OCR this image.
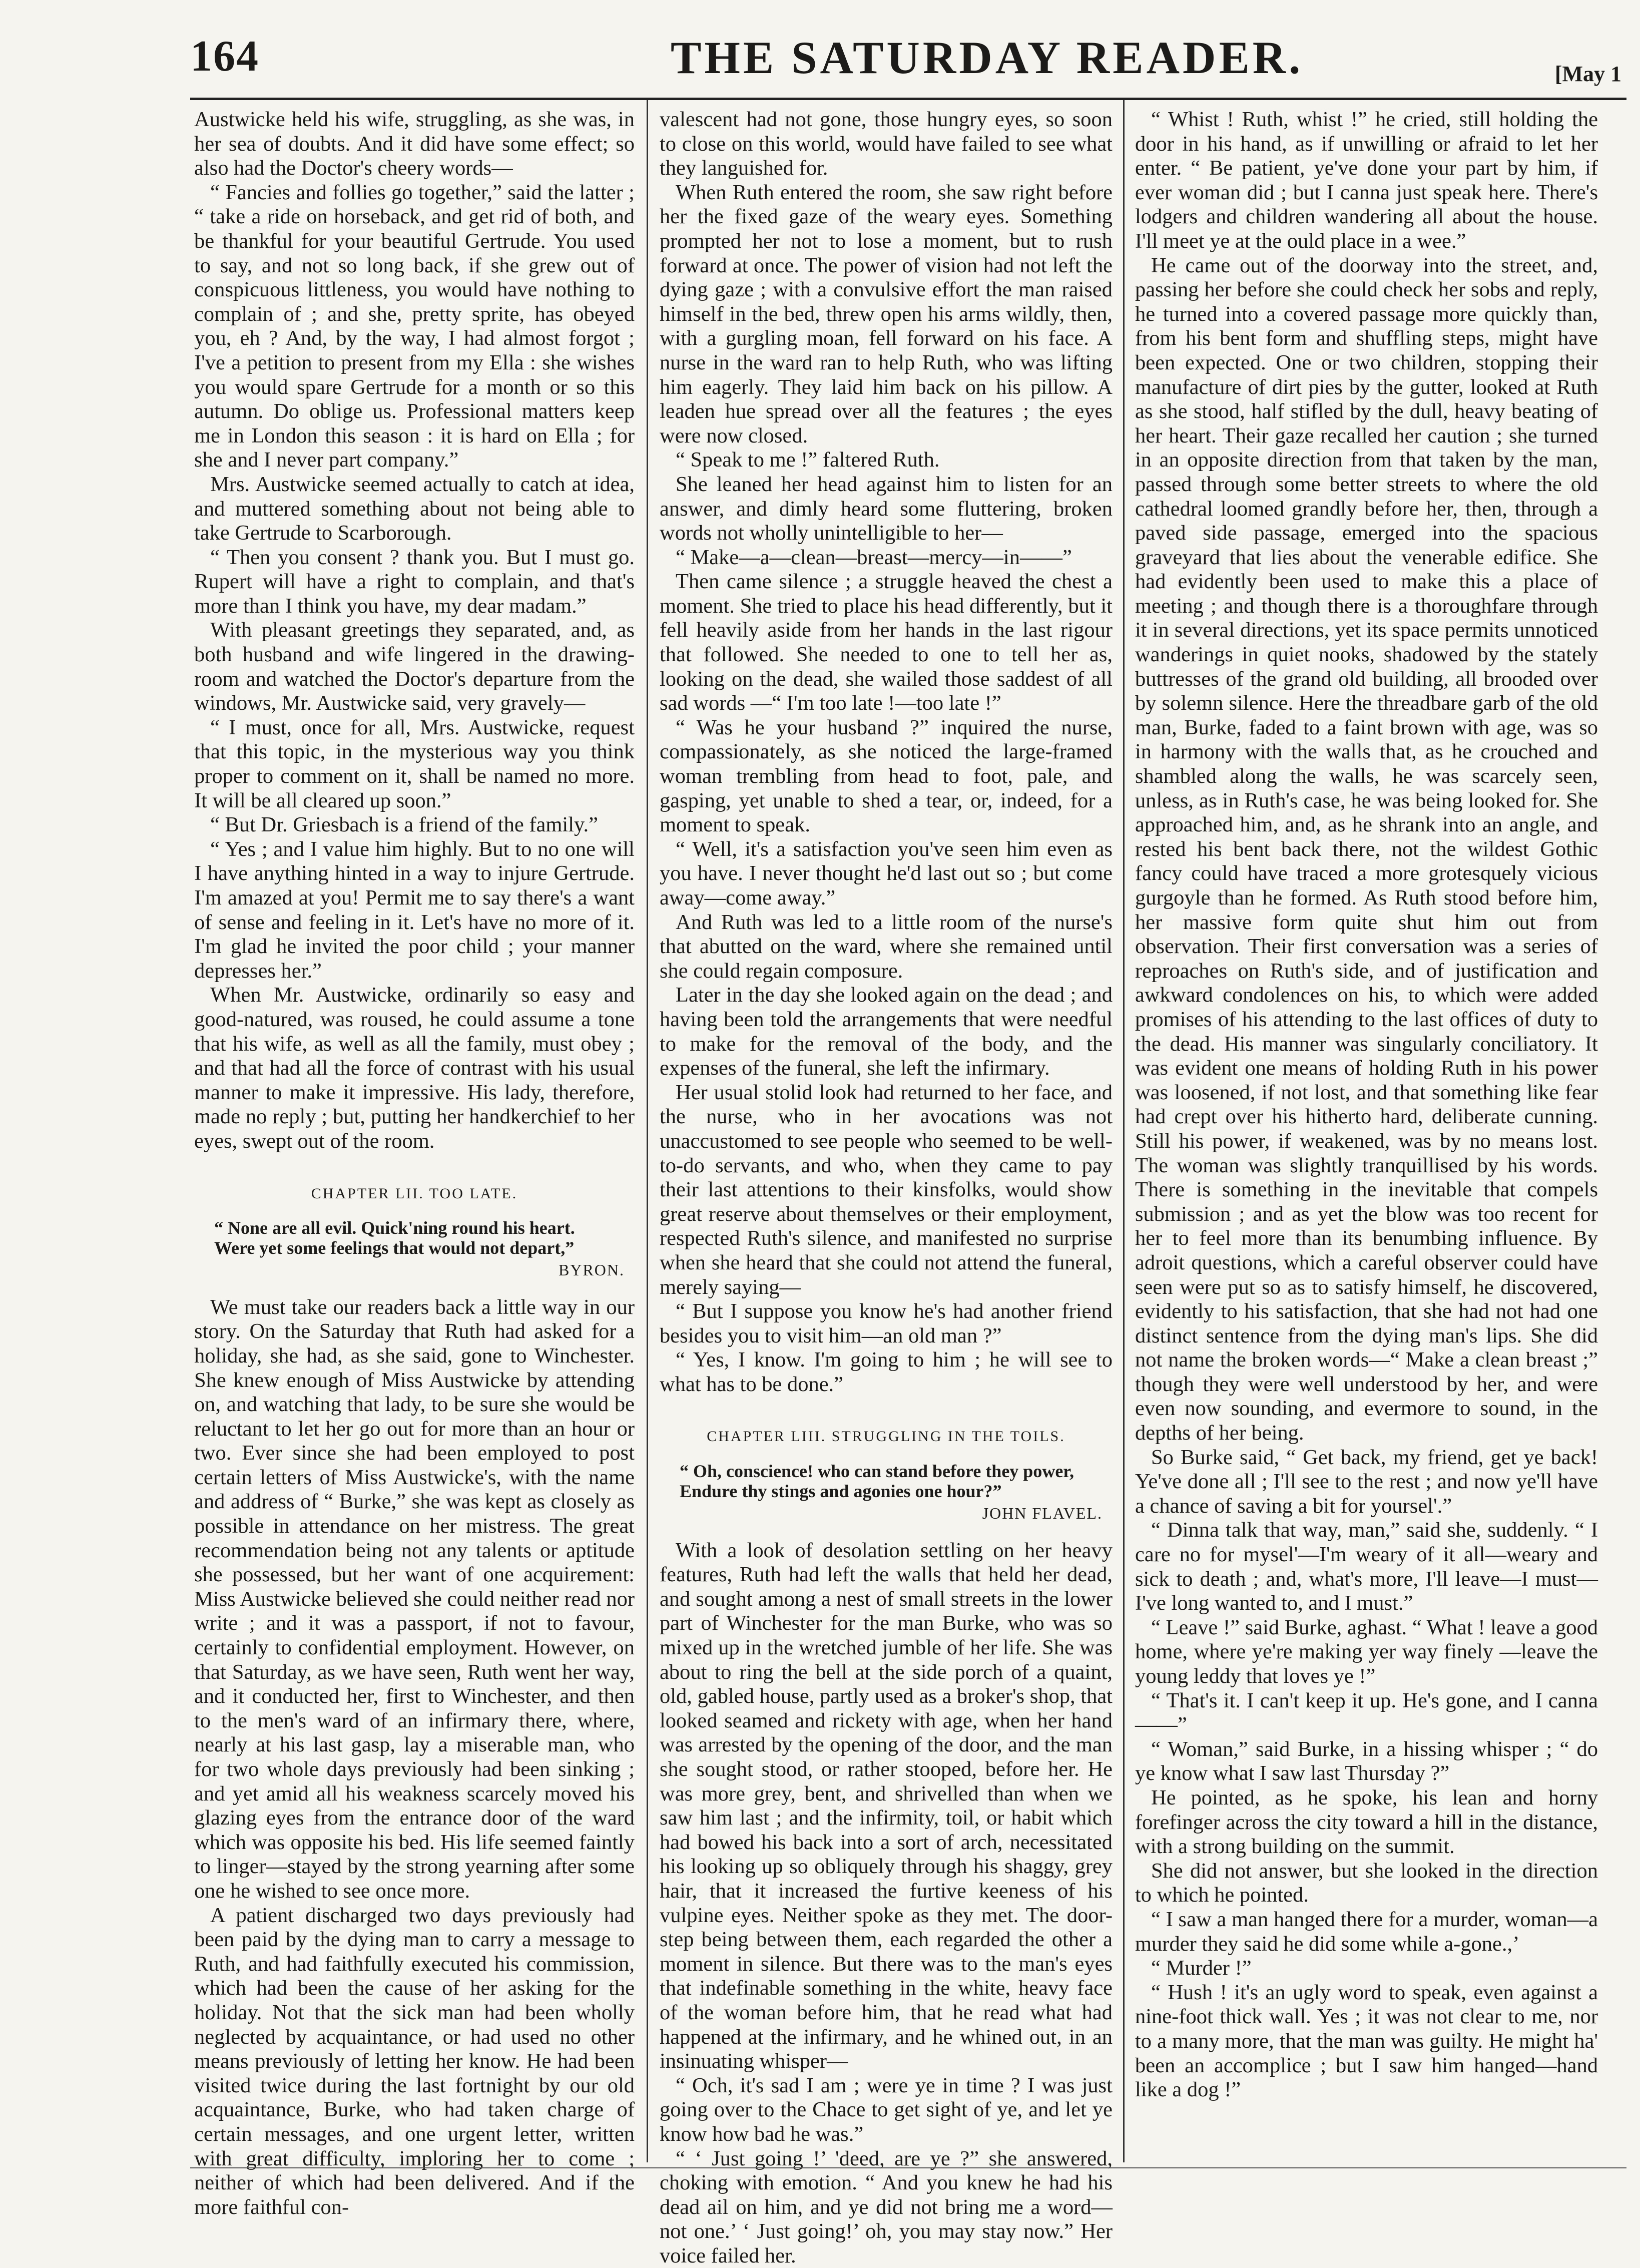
164	THE SATURDAY READER.	[May 1

Austwicke held his wife, struggling, as she was, in her sea of doubts. And it did have some effect; so also had the Doctor's cheery words—

“ Fancies and follies go together,” said the latter ; “ take a ride on horseback, and get rid of both, and be thankful for your beautiful Gertrude. You used to say, and not so long back, if she grew out of conspicuous littleness, you would have nothing to complain of ; and she, pretty sprite, has obeyed you, eh ? And, by the way, I had almost forgot ; I've a petition to present from my Ella : she wishes you would spare Gertrude for a month or so this autumn. Do oblige us. Professional matters keep me in London this season : it is hard on Ella ; for she and I never part company.”

Mrs. Austwicke seemed actually to catch at idea, and muttered something about not being able to take Gertrude to Scarborough.

“ Then you consent ? thank you. But I must go. Rupert will have a right to complain, and that's more than I think you have, my dear madam.”

With pleasant greetings they separated, and, as both husband and wife lingered in the drawing-room and watched the Doctor's departure from the windows, Mr. Austwicke said, very gravely—

“ I must, once for all, Mrs. Austwicke, request that this topic, in the mysterious way you think proper to comment on it, shall be named no more. It will be all cleared up soon.”

“ But Dr. Griesbach is a friend of the family.”

“ Yes ; and I value him highly. But to no one will I have anything hinted in a way to injure Gertrude. I'm amazed at you! Permit me to say there's a want of sense and feeling in it. Let's have no more of it. I'm glad he invited the poor child ; your manner depresses her.”

When Mr. Austwicke, ordinarily so easy and good-natured, was roused, he could assume a tone that his wife, as well as all the family, must obey ; and that had all the force of contrast with his usual manner to make it impressive. His lady, therefore, made no reply ; but, putting her handkerchief to her eyes, swept out of the room.

CHAPTER LII. TOO LATE.
“ None are all evil. Quick'ning round his heart.
Were yet some feelings that would not depart,”
BYRON.

We must take our readers back a little way in our story. On the Saturday that Ruth had asked for a holiday, she had, as she said, gone to Winchester. She knew enough of Miss Austwicke by attending on, and watching that lady, to be sure she would be reluctant to let her go out for more than an hour or two. Ever since she had been employed to post certain letters of Miss Austwicke's, with the name and address of “ Burke,” she was kept as closely as possible in attendance on her mistress. The great recommendation being not any talents or aptitude she possessed, but her want of one acquirement: Miss Austwicke believed she could neither read nor write ; and it was a passport, if not to favour, certainly to confidential employment. However, on that Saturday, as we have seen, Ruth went her way, and it conducted her, first to Winchester, and then to the men's ward of an infirmary there, where, nearly at his last gasp, lay a miserable man, who for two whole days previously had been sinking ; and yet amid all his weakness scarcely moved his glazing eyes from the entrance door of the ward which was opposite his bed. His life seemed faintly to linger—stayed by the strong yearning after some one he wished to see once more.

A patient discharged two days previously had been paid by the dying man to carry a message to Ruth, and had faithfully executed his commission, which had been the cause of her asking for the holiday. Not that the sick man had been wholly neglected by acquaintance, or had used no other means previously of letting her know. He had been visited twice during the last fortnight by our old acquaintance, Burke, who had taken charge of certain messages, and one urgent letter, written with great difficulty, imploring her to come ; neither of which had been delivered. And if the more faithful con-

valescent had not gone, those hungry eyes, so soon to close on this world, would have failed to see what they languished for.

When Ruth entered the room, she saw right before her the fixed gaze of the weary eyes. Something prompted her not to lose a moment, but to rush forward at once. The power of vision had not left the dying gaze ; with a convulsive effort the man raised himself in the bed, threw open his arms wildly, then, with a gurgling moan, fell forward on his face. A nurse in the ward ran to help Ruth, who was lifting him eagerly. They laid him back on his pillow. A leaden hue spread over all the features ; the eyes were now closed.

“ Speak to me !” faltered Ruth.

She leaned her head against him to listen for an answer, and dimly heard some fluttering, broken words not wholly unintelligible to her—

“ Make—a—clean—breast—mercy—in——”

Then came silence ; a struggle heaved the chest a moment. She tried to place his head differently, but it fell heavily aside from her hands in the last rigour that followed. She needed to one to tell her as, looking on the dead, she wailed those saddest of all sad words —“ I'm too late !—too late !”

“ Was he your husband ?” inquired the nurse, compassionately, as she noticed the large-framed woman trembling from head to foot, pale, and gasping, yet unable to shed a tear, or, indeed, for a moment to speak.

“ Well, it's a satisfaction you've seen him even as you have. I never thought he'd last out so ; but come away—come away.”

And Ruth was led to a little room of the nurse's that abutted on the ward, where she remained until she could regain composure.

Later in the day she looked again on the dead ; and having been told the arrangements that were needful to make for the removal of the body, and the expenses of the funeral, she left the infirmary.

Her usual stolid look had returned to her face, and the nurse, who in her avocations was not unaccustomed to see people who seemed to be well-to-do servants, and who, when they came to pay their last attentions to their kinsfolks, would show great reserve about themselves or their employment, respected Ruth's silence, and manifested no surprise when she heard that she could not attend the funeral, merely saying—

“ But I suppose you know he's had another friend besides you to visit him—an old man ?”

“ Yes, I know. I'm going to him ; he will see to what has to be done.”

CHAPTER LIII. STRUGGLING IN THE TOILS.
“ Oh, conscience! who can stand before they power,
Endure thy stings and agonies one hour?”
JOHN FLAVEL.

With a look of desolation settling on her heavy features, Ruth had left the walls that held her dead, and sought among a nest of small streets in the lower part of Winchester for the man Burke, who was so mixed up in the wretched jumble of her life. She was about to ring the bell at the side porch of a quaint, old, gabled house, partly used as a broker's shop, that looked seamed and rickety with age, when her hand was arrested by the opening of the door, and the man she sought stood, or rather stooped, before her. He was more grey, bent, and shrivelled than when we saw him last ; and the infirmity, toil, or habit which had bowed his back into a sort of arch, necessitated his looking up so obliquely through his shaggy, grey hair, that it increased the furtive keeness of his vulpine eyes. Neither spoke as they met. The door-step being between them, each regarded the other a moment in silence. But there was to the man's eyes that indefinable something in the white, heavy face of the woman before him, that he read what had happened at the infirmary, and he whined out, in an insinuating whisper—

“ Och, it's sad I am ; were ye in time ? I was just going over to the Chace to get sight of ye, and let ye know how bad he was.”

“ ‘ Just going !’ 'deed, are ye ?” she answered, choking with emotion. “ And you knew he had his dead ail on him, and ye did not bring me a word—not one.’ ‘ Just going!’ oh, you may stay now.” Her voice failed her.

“ Whist ! Ruth, whist !” he cried, still holding the door in his hand, as if unwilling or afraid to let her enter. “ Be patient, ye've done your part by him, if ever woman did ; but I canna just speak here. There's lodgers and children wandering all about the house. I'll meet ye at the ould place in a wee.”

He came out of the doorway into the street, and, passing her before she could check her sobs and reply, he turned into a covered passage more quickly than, from his bent form and shuffling steps, might have been expected. One or two children, stopping their manufacture of dirt pies by the gutter, looked at Ruth as she stood, half stifled by the dull, heavy beating of her heart. Their gaze recalled her caution ; she turned in an opposite direction from that taken by the man, passed through some better streets to where the old cathedral loomed grandly before her, then, through a paved side passage, emerged into the spacious graveyard that lies about the venerable edifice. She had evidently been used to make this a place of meeting ; and though there is a thoroughfare through it in several directions, yet its space permits unnoticed wanderings in quiet nooks, shadowed by the stately buttresses of the grand old building, all brooded over by solemn silence. Here the threadbare garb of the old man, Burke, faded to a faint brown with age, was so in harmony with the walls that, as he crouched and shambled along the walls, he was scarcely seen, unless, as in Ruth's case, he was being looked for. She approached him, and, as he shrank into an angle, and rested his bent back there, not the wildest Gothic fancy could have traced a more grotesquely vicious gurgoyle than he formed. As Ruth stood before him, her massive form quite shut him out from observation. Their first conversation was a series of reproaches on Ruth's side, and of justification and awkward condolences on his, to which were added promises of his attending to the last offices of duty to the dead. His manner was singularly conciliatory. It was evident one means of holding Ruth in his power was loosened, if not lost, and that something like fear had crept over his hitherto hard, deliberate cunning. Still his power, if weakened, was by no means lost. The woman was slightly tranquillised by his words. There is something in the inevitable that compels submission ; and as yet the blow was too recent for her to feel more than its benumbing influence. By adroit questions, which a careful observer could have seen were put so as to satisfy himself, he discovered, evidently to his satisfaction, that she had not had one distinct sentence from the dying man's lips. She did not name the broken words—“ Make a clean breast ;” though they were well understood by her, and were even now sounding, and evermore to sound, in the depths of her being.

So Burke said, “ Get back, my friend, get ye back! Ye've done all ; I'll see to the rest ; and now ye'll have a chance of saving a bit for yoursel'.”

“ Dinna talk that way, man,” said she, suddenly. “ I care no for mysel'—I'm weary of it all—weary and sick to death ; and, what's more, I'll leave—I must—I've long wanted to, and I must.”

“ Leave !” said Burke, aghast. “ What ! leave a good home, where ye're making yer way finely —leave the young leddy that loves ye !”

“ That's it. I can't keep it up. He's gone, and I canna——”

“ Woman,” said Burke, in a hissing whisper ; “ do ye know what I saw last Thursday ?”

He pointed, as he spoke, his lean and horny forefinger across the city toward a hill in the distance, with a strong building on the summit.

She did not answer, but she looked in the direction to which he pointed.

“ I saw a man hanged there for a murder, woman—a murder they said he did some while a-gone.,’

“ Murder !”

“ Hush ! it's an ugly word to speak, even against a nine-foot thick wall. Yes ; it was not clear to me, nor to a many more, that the man was guilty. He might ha' been an accomplice ; but I saw him hanged—hand like a dog !”
